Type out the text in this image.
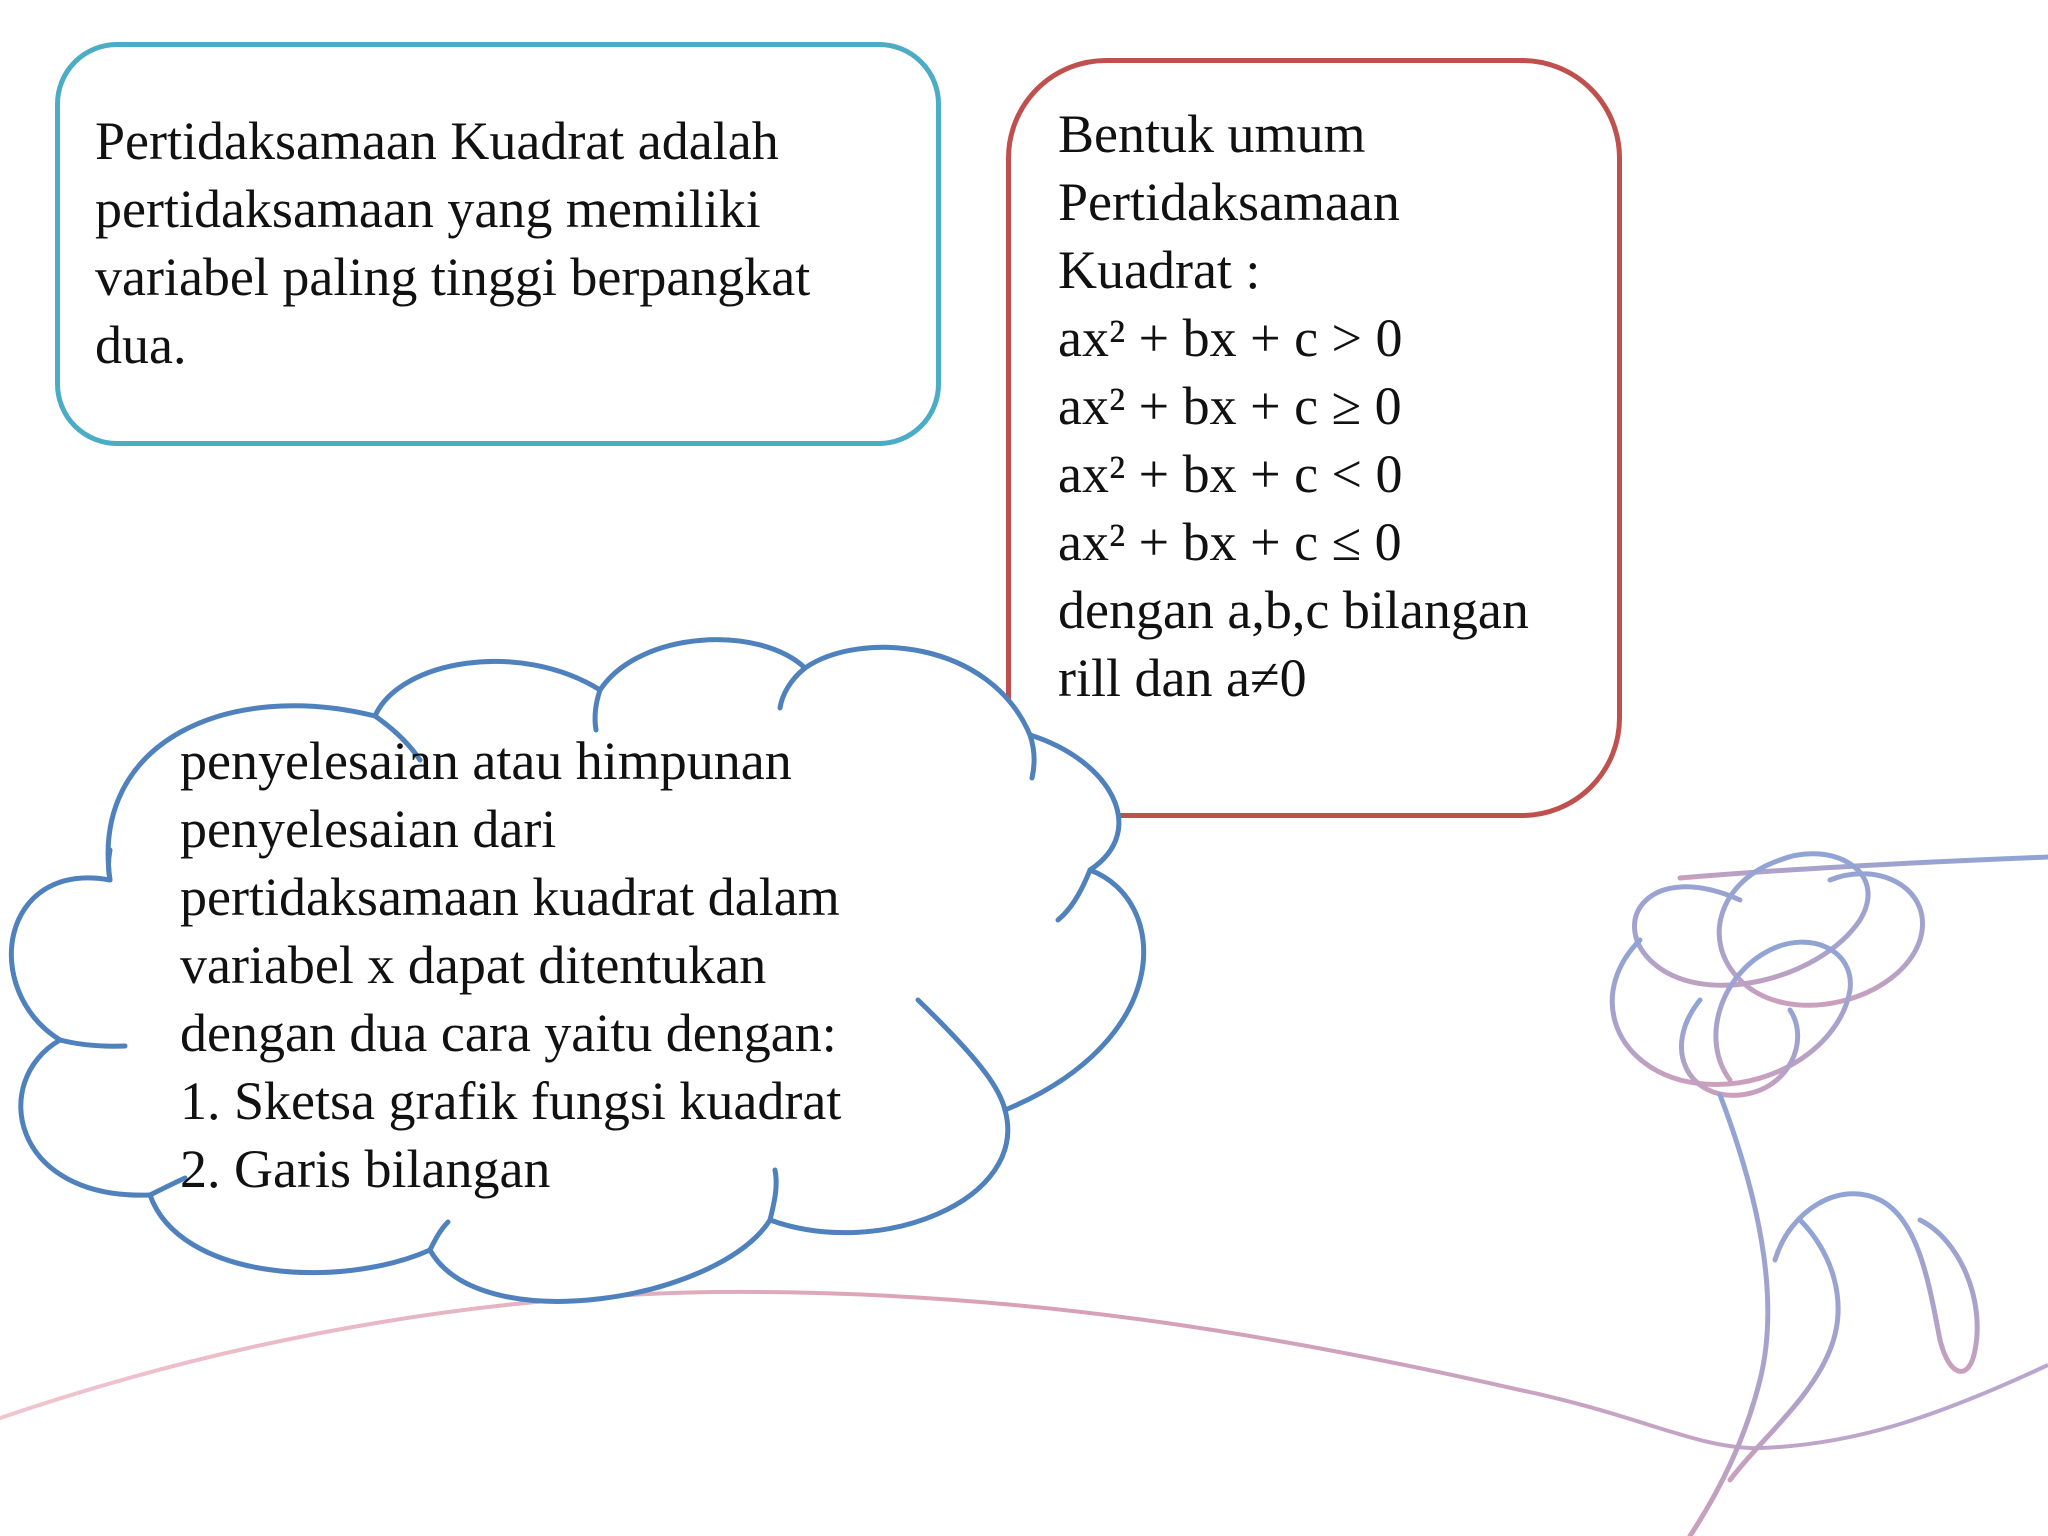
Pertidaksamaan Kuadrat adalah
pertidaksamaan yang memiliki
variabel paling tinggi berpangkat
dua.
Bentuk umum
Pertidaksamaan
Kuadrat :
ax² + bx + c > 0
ax² + bx + c ≥ 0
ax² + bx + c < 0
ax² + bx + c ≤ 0
dengan a,b,c bilangan
rill dan a≠0
penyelesaian atau himpunan
penyelesaian dari
pertidaksamaan kuadrat dalam
variabel x dapat ditentukan
dengan dua cara yaitu dengan:
1. Sketsa grafik fungsi kuadrat
2. Garis bilangan
